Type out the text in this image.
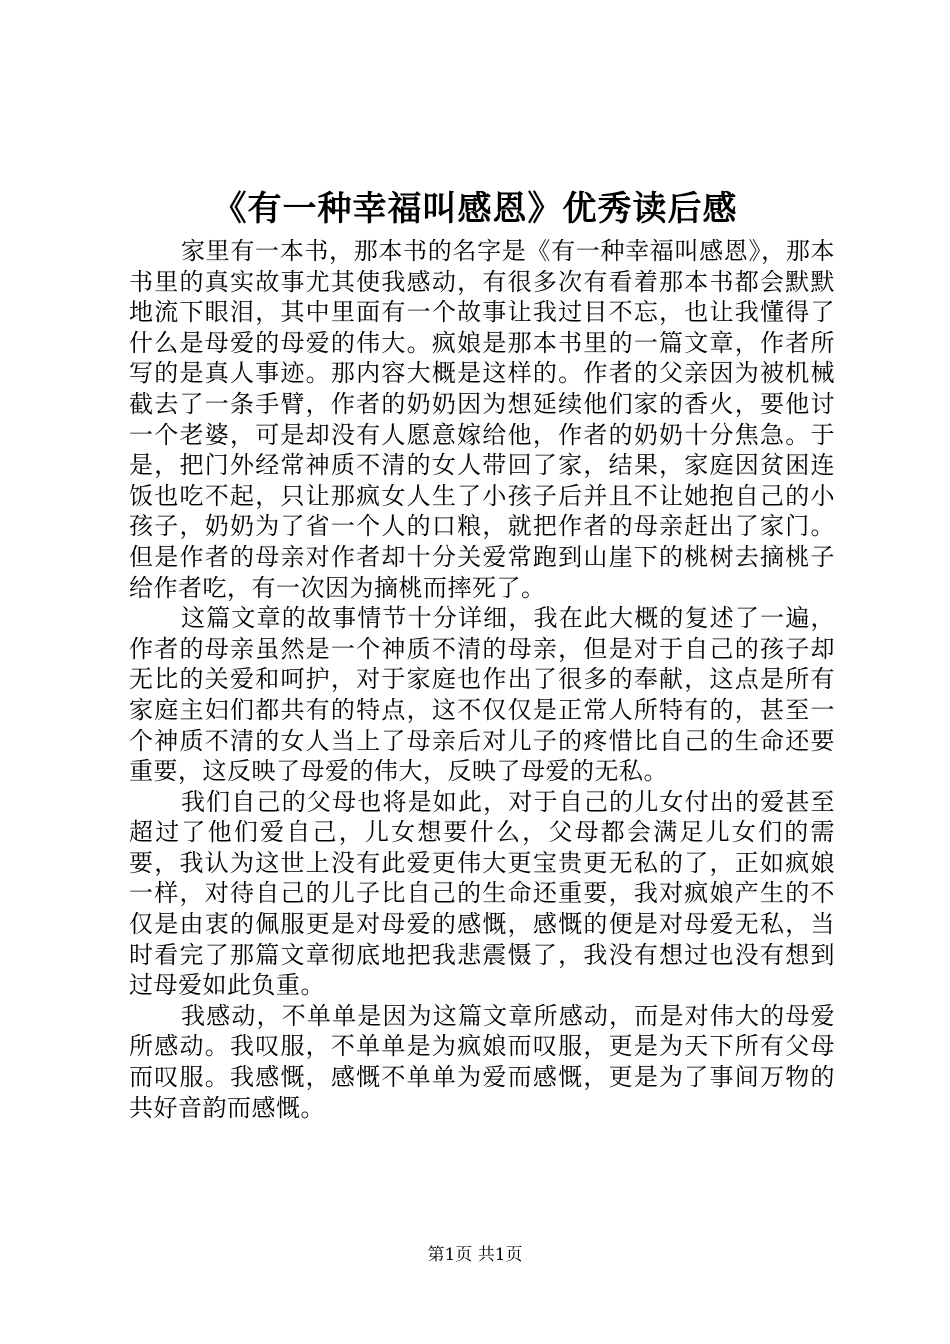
《有一种幸福叫感恩》优秀读后感

家里有一本书，那本书的名字是《有一种幸福叫感恩》，那本书里的真实故事尤其使我感动，有很多次有看着那本书都会默默地流下眼泪，其中里面有一个故事让我过目不忘，也让我懂得了什么是母爱的母爱的伟大。疯娘是那本书里的一篇文章，作者所写的是真人事迹。那内容大概是这样的。作者的父亲因为被机械截去了一条手臂，作者的奶奶因为想延续他们家的香火，要他讨一个老婆，可是却没有人愿意嫁给他，作者的奶奶十分焦急。于是，把门外经常神质不清的女人带回了家，结果，家庭因贫困连饭也吃不起，只让那疯女人生了小孩子后并且不让她抱自己的小孩子，奶奶为了省一个人的口粮，就把作者的母亲赶出了家门。但是作者的母亲对作者却十分关爱常跑到山崖下的桃树去摘桃子给作者吃，有一次因为摘桃而摔死了。

这篇文章的故事情节十分详细，我在此大概的复述了一遍，作者的母亲虽然是一个神质不清的母亲，但是对于自己的孩子却无比的关爱和呵护，对于家庭也作出了很多的奉献，这点是所有家庭主妇们都共有的特点，这不仅仅是正常人所特有的，甚至一个神质不清的女人当上了母亲后对儿子的疼惜比自己的生命还要重要，这反映了母爱的伟大，反映了母爱的无私。

我们自己的父母也将是如此，对于自己的儿女付出的爱甚至超过了他们爱自己，儿女想要什么，父母都会满足儿女们的需要，我认为这世上没有此爱更伟大更宝贵更无私的了，正如疯娘一样，对待自己的儿子比自己的生命还重要，我对疯娘产生的不仅是由衷的佩服更是对母爱的感慨，感慨的便是对母爱无私，当时看完了那篇文章彻底地把我悲震慑了，我没有想过也没有想到过母爱如此负重。

我感动，不单单是因为这篇文章所感动，而是对伟大的母爱所感动。我叹服，不单单是为疯娘而叹服，更是为天下所有父母而叹服。我感慨，感慨不单单为爱而感慨，更是为了事间万物的共好音韵而感慨。

第1页 共1页
